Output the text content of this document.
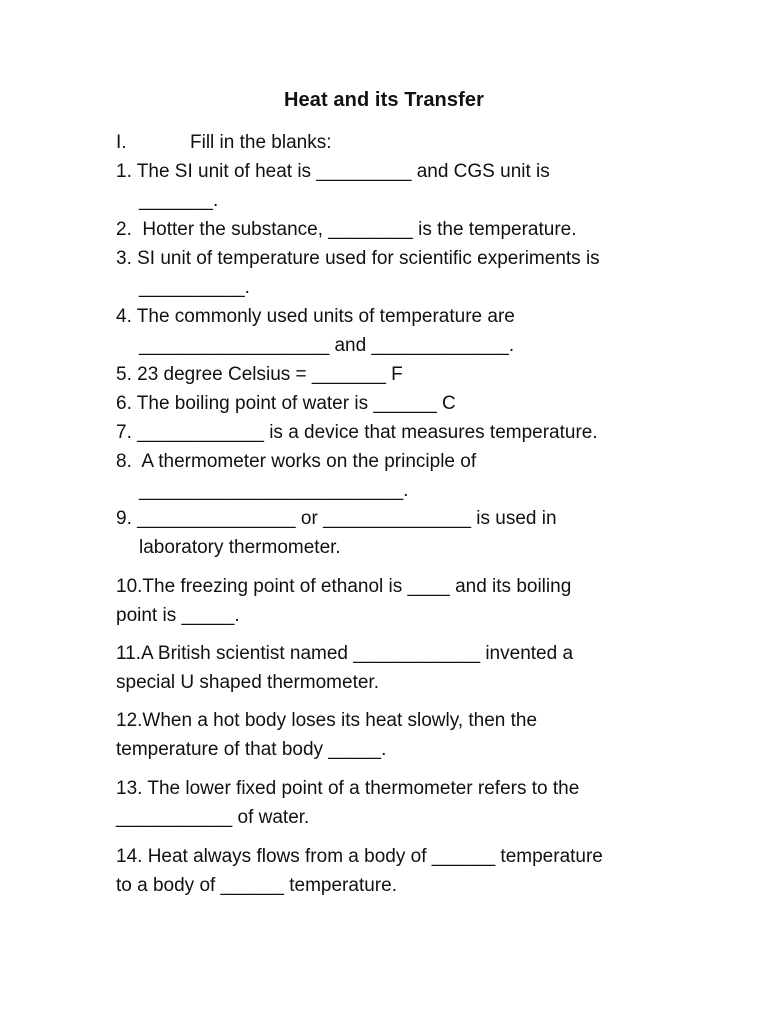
Heat and its Transfer
I.	Fill in the blanks:
1. The SI unit of heat is _________ and CGS unit is
_______.
2.  Hotter the substance, ________ is the temperature.
3. SI unit of temperature used for scientific experiments is
__________.
4. The commonly used units of temperature are
__________________ and _____________.
5. 23 degree Celsius = _______ F
6. The boiling point of water is ______ C
7. ____________ is a device that measures temperature.
8.  A thermometer works on the principle of
_________________________.
9. _______________ or ______________ is used in
laboratory thermometer.
10.The freezing point of ethanol is ____ and its boiling
point is _____.
11.A British scientist named ____________ invented a
special U shaped thermometer.
12.When a hot body loses its heat slowly, then the
temperature of that body _____.
13. The lower fixed point of a thermometer refers to the
___________ of water.
14. Heat always flows from a body of ______ temperature
to a body of ______ temperature.
